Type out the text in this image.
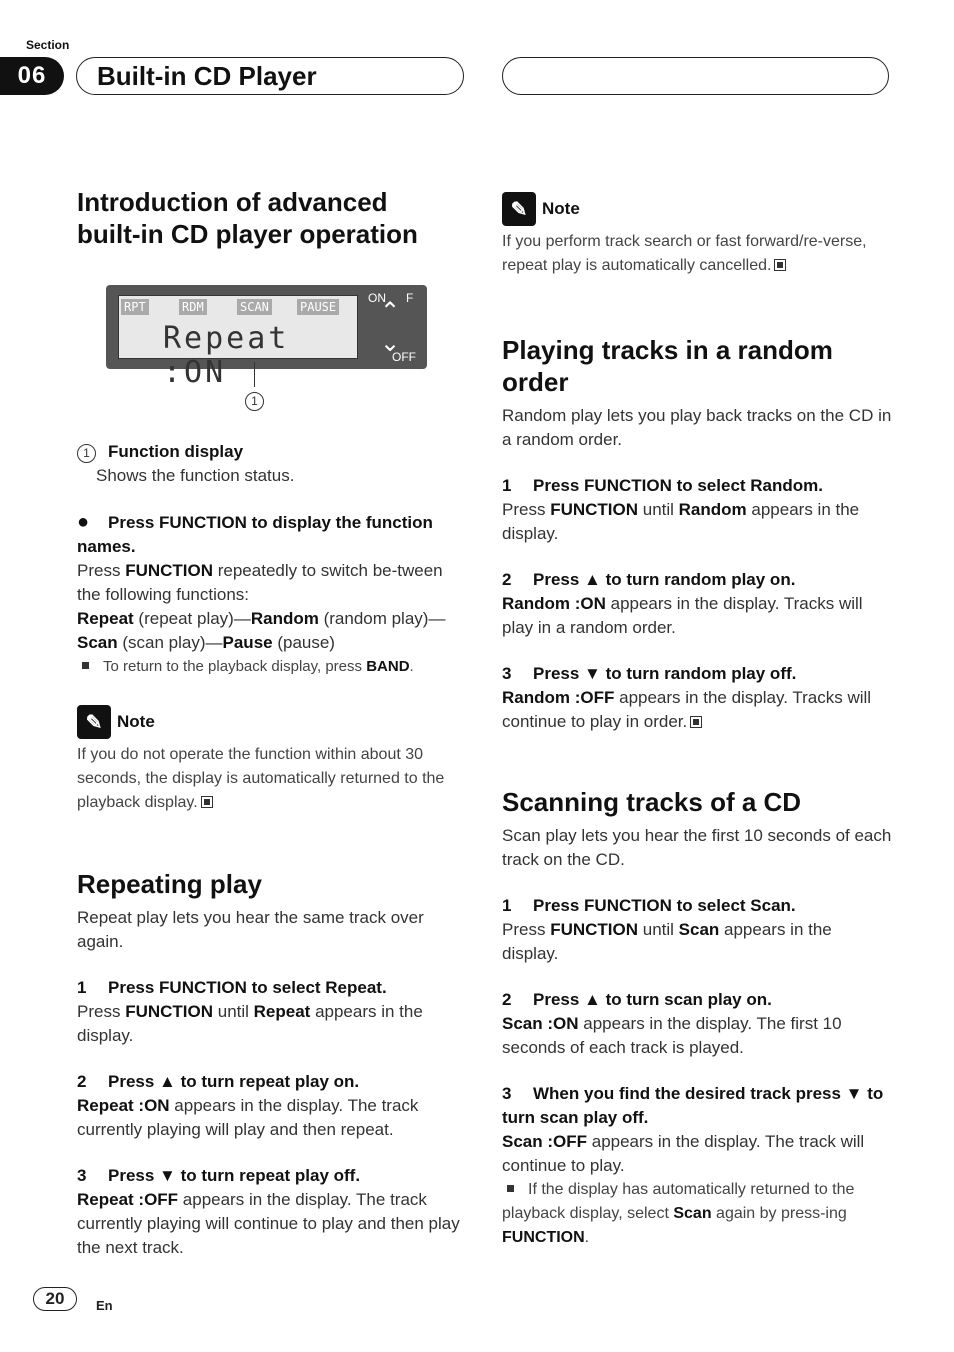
Section
06	Built-in CD Player
Introduction of advanced
built-in CD player operation
RPT	RDM	SCAN	PAUSE
Repeat :ON
ON F
⌃
⌄
OFF
1

1 Function display

Shows the function status.

● Press FUNCTION to display the function names.

Press FUNCTION repeatedly to switch be-tween the following functions:
Repeat (repeat play)—Random (random play)—Scan (scan play)—Pause (pause)

To return to the playback display, press BAND.

✎ Note

If you do not operate the function within about 30 seconds, the display is automatically returned to the playback display.

Repeating play

Repeat play lets you hear the same track over again.

1 Press FUNCTION to select Repeat.

Press FUNCTION until Repeat appears in the display.

2 Press ▲ to turn repeat play on.

Repeat :ON appears in the display. The track currently playing will play and then repeat.

3 Press ▼ to turn repeat play off.

Repeat :OFF appears in the display. The track currently playing will continue to play and then play the next track.

✎ Note

If you perform track search or fast forward/re-verse, repeat play is automatically cancelled.

Playing tracks in a random order

Random play lets you play back tracks on the CD in a random order.

1 Press FUNCTION to select Random.

Press FUNCTION until Random appears in the display.

2 Press ▲ to turn random play on.

Random :ON appears in the display. Tracks will play in a random order.

3 Press ▼ to turn random play off.

Random :OFF appears in the display. Tracks will continue to play in order.

Scanning tracks of a CD

Scan play lets you hear the first 10 seconds of each track on the CD.

1 Press FUNCTION to select Scan.

Press FUNCTION until Scan appears in the display.

2 Press ▲ to turn scan play on.

Scan :ON appears in the display. The first 10 seconds of each track is played.

3 When you find the desired track press ▼ to turn scan play off.

Scan :OFF appears in the display. The track will continue to play.

If the display has automatically returned to the playback display, select Scan again by press-ing FUNCTION.

20	En
